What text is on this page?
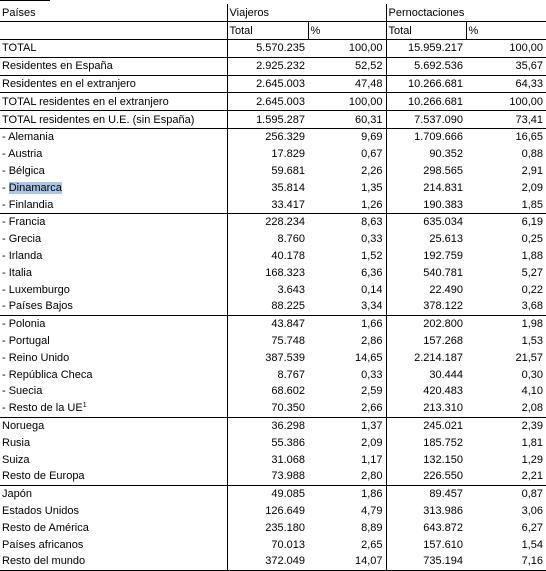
Países	Viajeros		Pernoctaciones	
	Total	%	Total	%
TOTAL	5.570.235	100,00	15.959.217	100,00
Residentes en España	2.925.232	52,52	5.692.536	35,67
Residentes en el extranjero	2.645.003	47,48	10.266.681	64,33
TOTAL residentes en el extranjero	2.645.003	100,00	10.266.681	100,00
TOTAL residentes en U.E. (sin España)	1.595.287	60,31	7.537.090	73,41
- Alemania	256.329	9,69	1.709.666	16,65
- Austria	17.829	0,67	90.352	0,88
- Bélgica	59.681	2,26	298.565	2,91
- Dinamarca	35.814	1,35	214.831	2,09
- Finlandia	33.417	1,26	190.383	1,85
- Francia	228.234	8,63	635.034	6,19
- Grecia	8.760	0,33	25.613	0,25
- Irlanda	40.178	1,52	192.759	1,88
- Italia	168.323	6,36	540.781	5,27
- Luxemburgo	3.643	0,14	22.490	0,22
- Países Bajos	88.225	3,34	378.122	3,68
- Polonia	43.847	1,66	202.800	1,98
- Portugal	75.748	2,86	157.268	1,53
- Reino Unido	387.539	14,65	2.214.187	21,57
- República Checa	8.767	0,33	30.444	0,30
- Suecia	68.602	2,59	420.483	4,10
- Resto de la $UE^1$	70.350	2,66	213.310	2,08
Noruega	36.298	1,37	245.021	2,39
Rusia	55.386	2,09	185.752	1,81
Suiza	31.068	1,17	132.150	1,29
Resto de Europa	73.988	2,80	226.550	2,21
Japón	49.085	1,86	89.457	0,87
Estados Unidos	126.649	4,79	313.986	3,06
Resto de América	235.180	8,89	643.872	6,27
Países africanos	70.013	2,65	157.610	1,54
Resto del mundo	372.049	14,07	735.194	7,16
